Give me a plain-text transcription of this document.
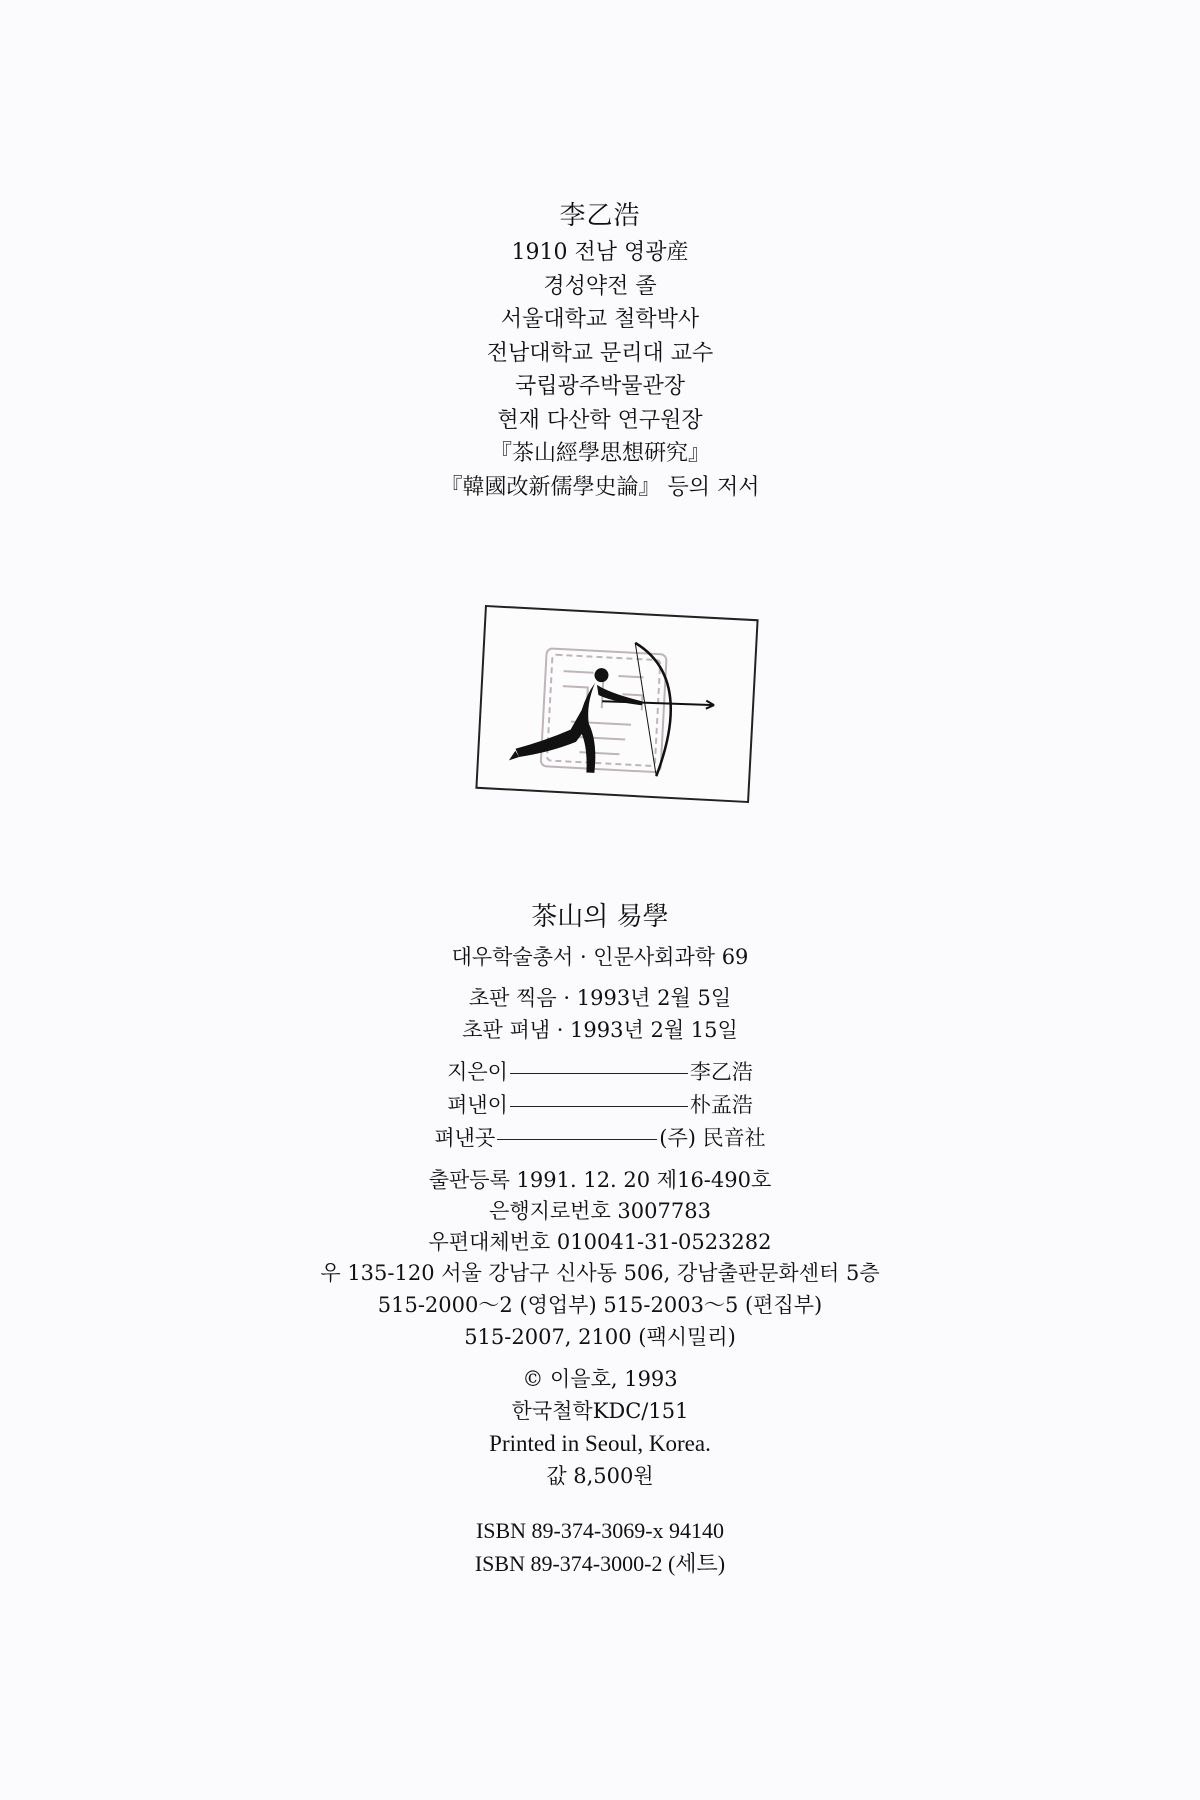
李乙浩
1910 전남 영광産
경성약전 졸
서울대학교 철학박사
전남대학교 문리대 교수
국립광주박물관장
현재 다산학 연구원장
『茶山經學思想硏究』
『韓國改新儒學史論』 등의 저서
茶山의 易學
대우학술총서 · 인문사회과학 69
초판 찍음 · 1993년 2월 5일
초판 펴냄 · 1993년 2월 15일
지은이	李乙浩
펴낸이	朴孟浩
펴낸곳	(주) 民音社
출판등록 1991. 12. 20 제16-490호
은행지로번호 3007783
우편대체번호 010041-31-0523282
우 135-120 서울 강남구 신사동 506, 강남출판문화센터 5층
515-2000～2 (영업부) 515-2003～5 (편집부)
515-2007, 2100 (팩시밀리)
© 이을호, 1993
한국철학KDC/151
Printed in Seoul, Korea.
값 8,500원
ISBN 89-374-3069-x 94140
ISBN 89-374-3000-2 (세트)
